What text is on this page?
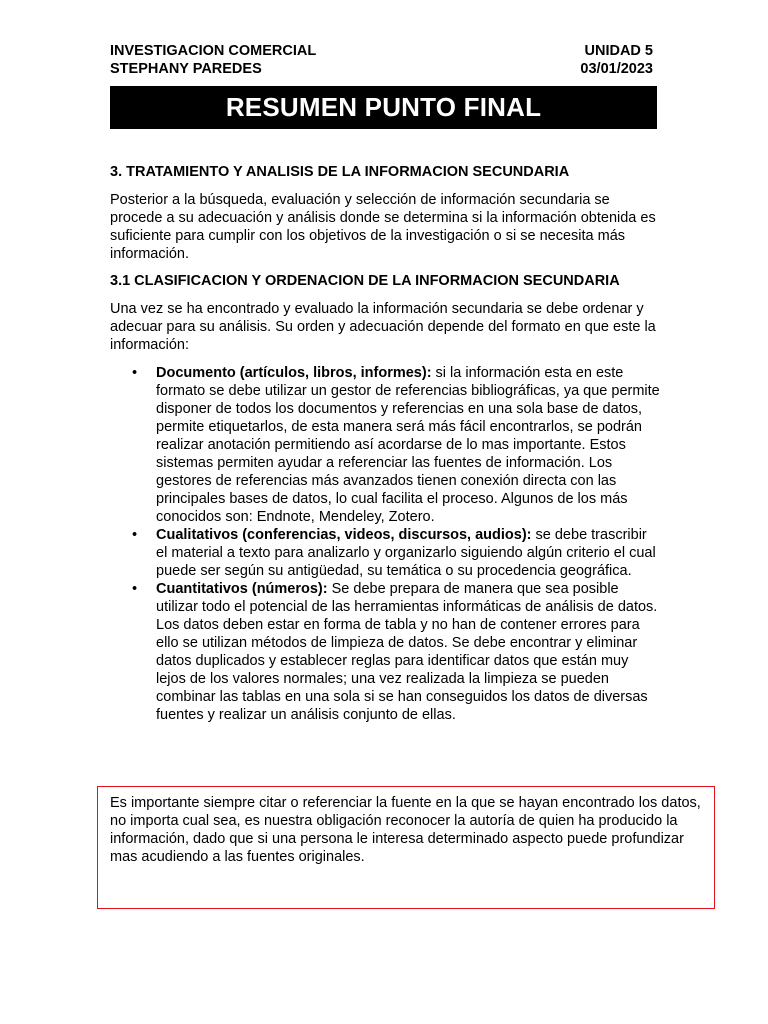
INVESTIGACION COMERCIAL	UNIDAD 5
STEPHANY PAREDES	03/01/2023
RESUMEN PUNTO FINAL
3. TRATAMIENTO Y ANALISIS DE LA INFORMACION SECUNDARIA

Posterior a la búsqueda, evaluación y selección de información secundaria se procede a su adecuación y análisis donde se determina si la información obtenida es suficiente para cumplir con los objetivos de la investigación o si se necesita más información.

3.1 CLASIFICACION Y ORDENACION DE LA INFORMACION SECUNDARIA

Una vez se ha encontrado y evaluado la información secundaria se debe ordenar y adecuar para su análisis. Su orden y adecuación depende del formato en que este la información:

• Documento (artículos, libros, informes): si la información esta en este formato se debe utilizar un gestor de referencias bibliográficas, ya que permite disponer de todos los documentos y referencias en una sola base de datos, permite etiquetarlos, de esta manera será más fácil encontrarlos, se podrán realizar anotación permitiendo así acordarse de lo mas importante. Estos sistemas permiten ayudar a referenciar las fuentes de información. Los gestores de referencias más avanzados tienen conexión directa con las principales bases de datos, lo cual facilita el proceso. Algunos de los más conocidos son: Endnote, Mendeley, Zotero.
• Cualitativos (conferencias, videos, discursos, audios): se debe trascribir el material a texto para analizarlo y organizarlo siguiendo algún criterio el cual puede ser según su antigüedad, su temática o su procedencia geográfica.
• Cuantitativos (números): Se debe prepara de manera que sea posible utilizar todo el potencial de las herramientas informáticas de análisis de datos. Los datos deben estar en forma de tabla y no han de contener errores para ello se utilizan métodos de limpieza de datos. Se debe encontrar y eliminar datos duplicados y establecer reglas para identificar datos que están muy lejos de los valores normales; una vez realizada la limpieza se pueden combinar las tablas en una sola si se han conseguidos los datos de diversas fuentes y realizar un análisis conjunto de ellas.

Es importante siempre citar o referenciar la fuente en la que se hayan encontrado los datos, no importa cual sea, es nuestra obligación reconocer la autoría de quien ha producido la información, dado que si una persona le interesa determinado aspecto puede profundizar mas acudiendo a las fuentes originales.
